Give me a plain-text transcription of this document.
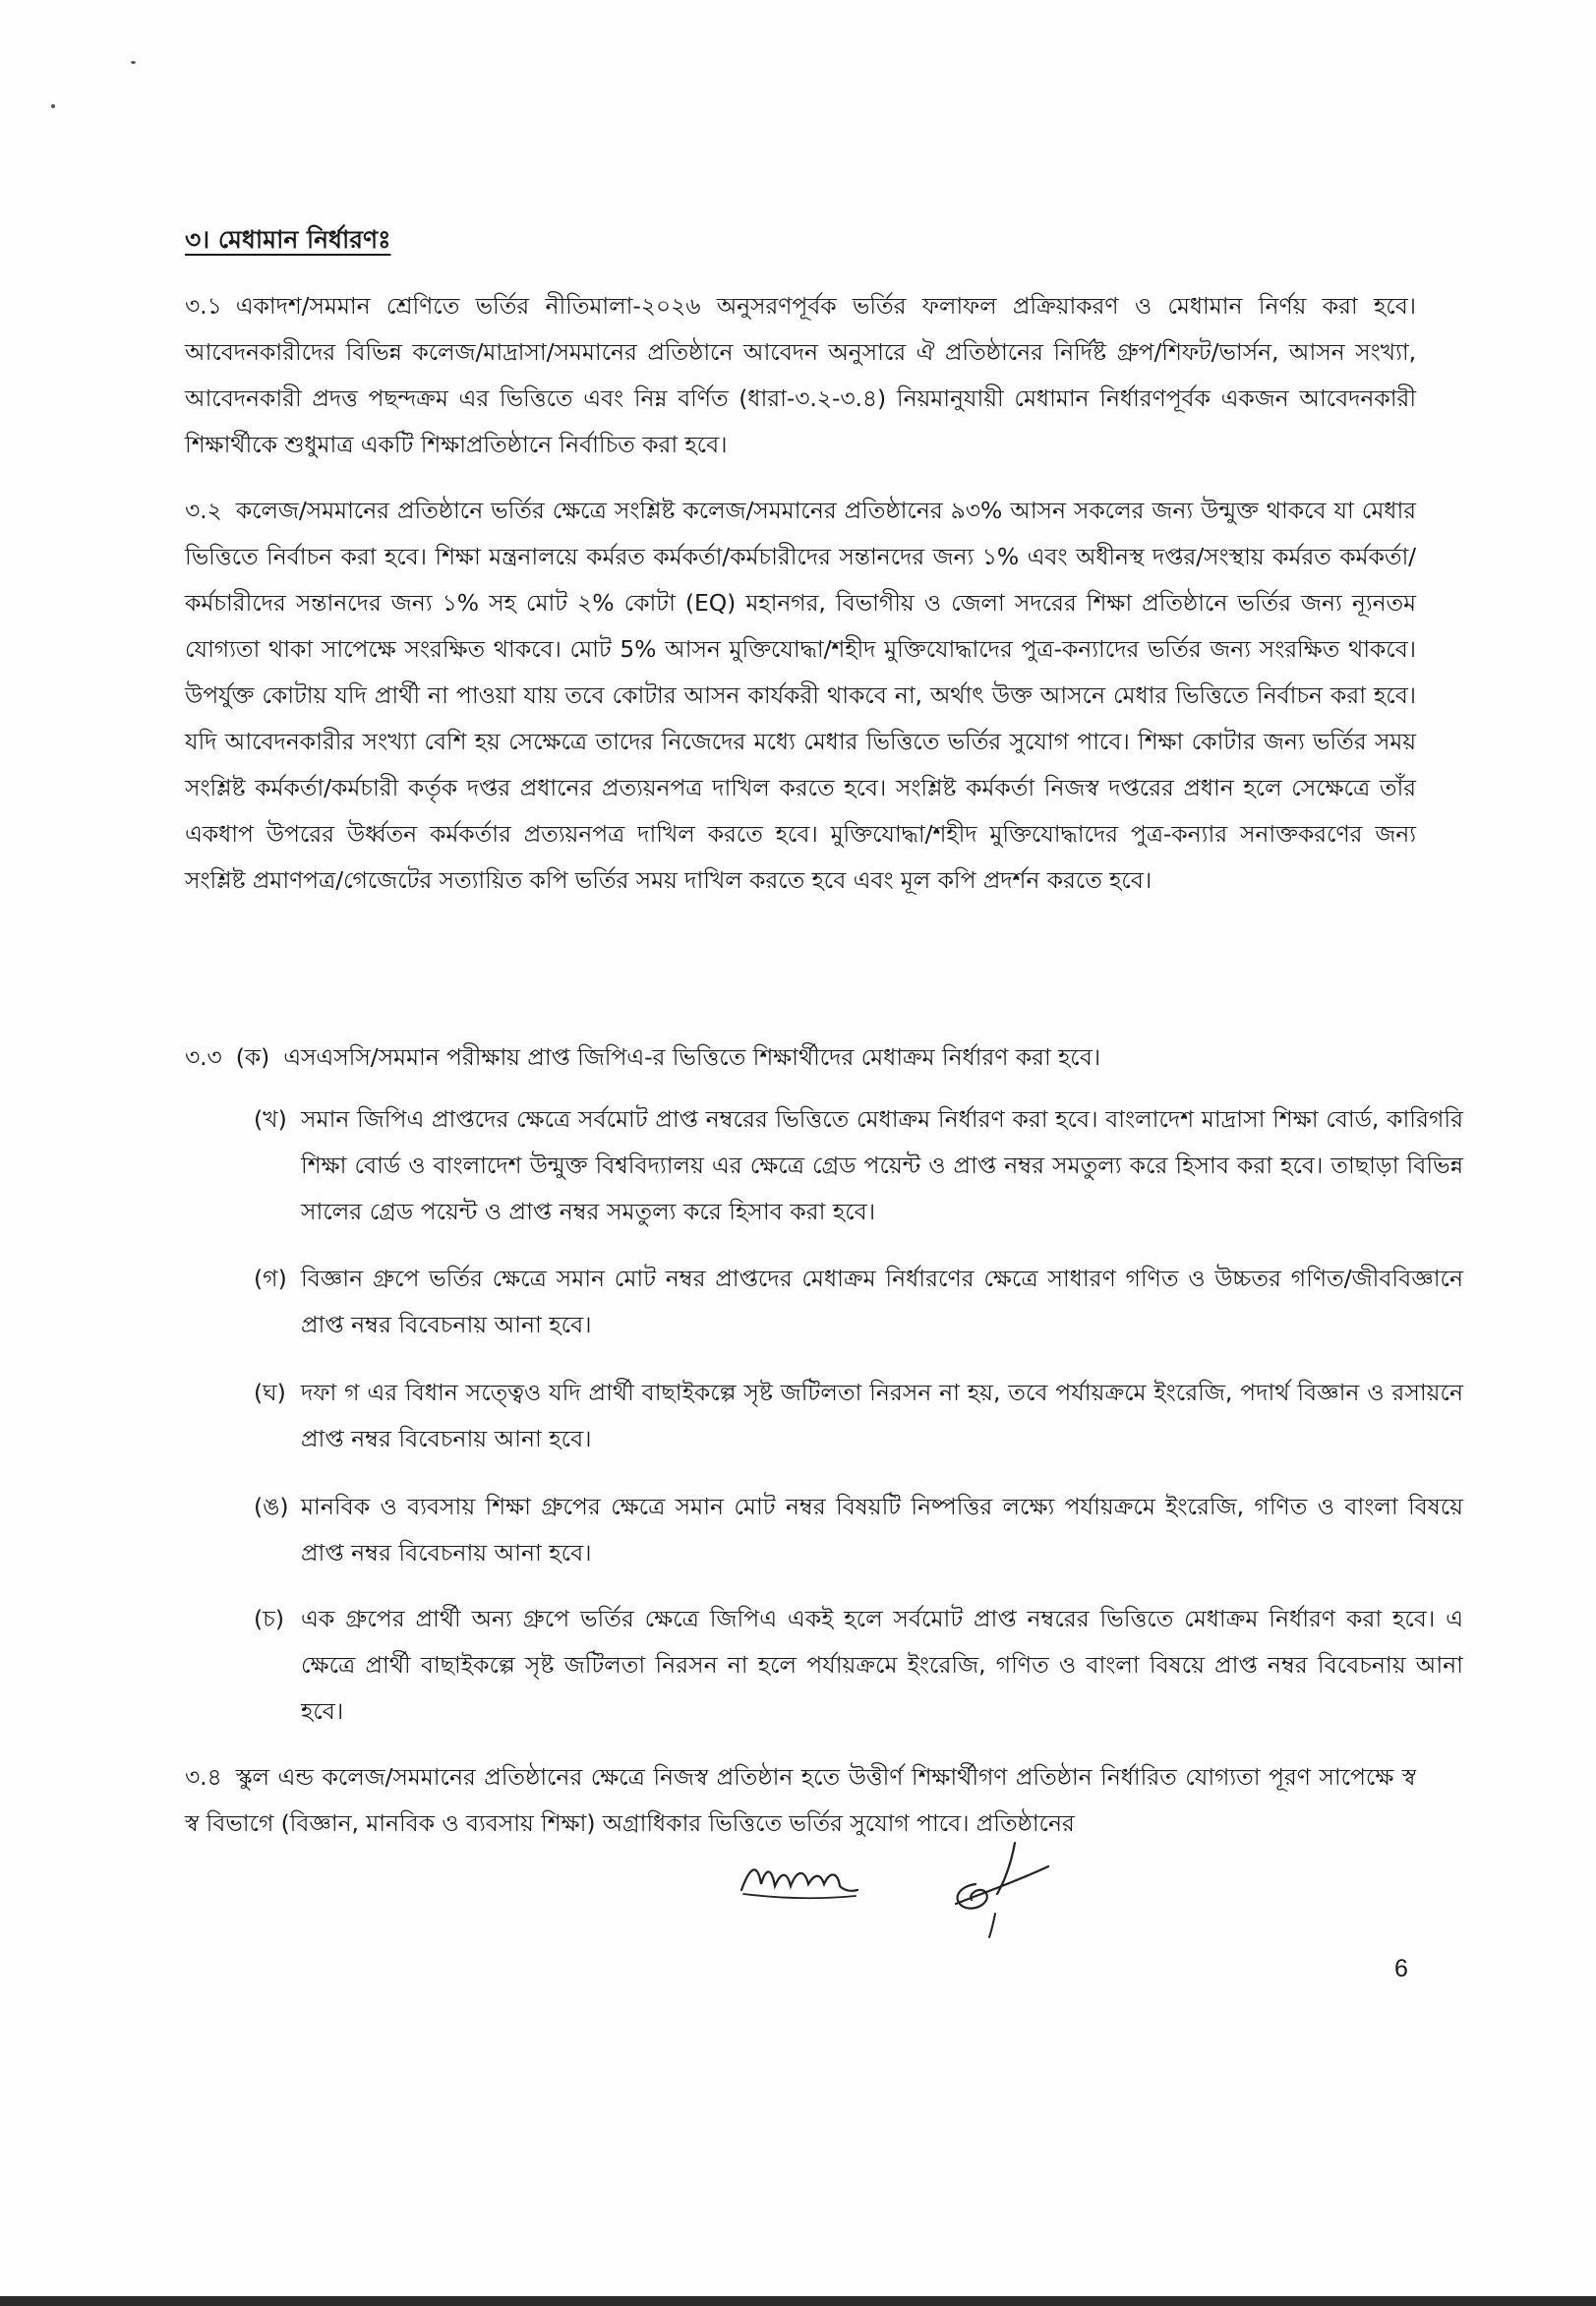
৩। মেধামান নির্ধারণঃ

৩.১ একাদশ/সমমান শ্রেণিতে ভর্তির নীতিমালা-২০২৬ অনুসরণপূর্বক ভর্তির ফলাফল প্রক্রিয়াকরণ ও মেধামান নির্ণয় করা হবে। আবেদনকারীদের বিভিন্ন কলেজ/মাদ্রাসা/সমমানের প্রতিষ্ঠানে আবেদন অনুসারে ঐ প্রতিষ্ঠানের নির্দিষ্ট গ্রুপ/শিফট/ভার্সন, আসন সংখ্যা, আবেদনকারী প্রদত্ত পছন্দক্রম এর ভিত্তিতে এবং নিম্ন বর্ণিত (ধারা-৩.২-৩.৪) নিয়মানুযায়ী মেধামান নির্ধারণপূর্বক একজন আবেদনকারী শিক্ষার্থীকে শুধুমাত্র একটি শিক্ষাপ্রতিষ্ঠানে নির্বাচিত করা হবে।

৩.২ কলেজ/সমমানের প্রতিষ্ঠানে ভর্তির ক্ষেত্রে সংশ্লিষ্ট কলেজ/সমমানের প্রতিষ্ঠানের ৯৩% আসন সকলের জন্য উন্মুক্ত থাকবে যা মেধার ভিত্তিতে নির্বাচন করা হবে। শিক্ষা মন্ত্রনালয়ে কর্মরত কর্মকর্তা/কর্মচারীদের সন্তানদের জন্য ১% এবং অধীনস্থ দপ্তর/সংস্থায় কর্মরত কর্মকর্তা/কর্মচারীদের সন্তানদের জন্য ১% সহ মোট ২% কোটা (EQ) মহানগর, বিভাগীয় ও জেলা সদরের শিক্ষা প্রতিষ্ঠানে ভর্তির জন্য ন্যূনতম যোগ্যতা থাকা সাপেক্ষে সংরক্ষিত থাকবে। মোট 5% আসন মুক্তিযোদ্ধা/শহীদ মুক্তিযোদ্ধাদের পুত্র-কন্যাদের ভর্তির জন্য সংরক্ষিত থাকবে। উপর্যুক্ত কোটায় যদি প্রার্থী না পাওয়া যায় তবে কোটার আসন কার্যকরী থাকবে না, অর্থাৎ উক্ত আসনে মেধার ভিত্তিতে নির্বাচন করা হবে। যদি আবেদনকারীর সংখ্যা বেশি হয় সেক্ষেত্রে তাদের নিজেদের মধ্যে মেধার ভিত্তিতে ভর্তির সুযোগ পাবে। শিক্ষা কোটার জন্য ভর্তির সময় সংশ্লিষ্ট কর্মকর্তা/কর্মচারী কর্তৃক দপ্তর প্রধানের প্রত্যয়নপত্র দাখিল করতে হবে। সংশ্লিষ্ট কর্মকর্তা নিজস্ব দপ্তরের প্রধান হলে সেক্ষেত্রে তাঁর একধাপ উপরের উর্ধ্বতন কর্মকর্তার প্রত্যয়নপত্র দাখিল করতে হবে। মুক্তিযোদ্ধা/শহীদ মুক্তিযোদ্ধাদের পুত্র-কন্যার সনাক্তকরণের জন্য সংশ্লিষ্ট প্রমাণপত্র/গেজেটের সত্যায়িত কপি ভর্তির সময় দাখিল করতে হবে এবং মূল কপি প্রদর্শন করতে হবে।

৩.৩ (ক) এসএসসি/সমমান পরীক্ষায় প্রাপ্ত জিপিএ-র ভিত্তিতে শিক্ষার্থীদের মেধাক্রম নির্ধারণ করা হবে।

(খ) সমান জিপিএ প্রাপ্তদের ক্ষেত্রে সর্বমোট প্রাপ্ত নম্বরের ভিত্তিতে মেধাক্রম নির্ধারণ করা হবে। বাংলাদেশ মাদ্রাসা শিক্ষা বোর্ড, কারিগরি শিক্ষা বোর্ড ও বাংলাদেশ উন্মুক্ত বিশ্ববিদ্যালয় এর ক্ষেত্রে গ্রেড পয়েন্ট ও প্রাপ্ত নম্বর সমতুল্য করে হিসাব করা হবে। তাছাড়া বিভিন্ন সালের গ্রেড পয়েন্ট ও প্রাপ্ত নম্বর সমতুল্য করে হিসাব করা হবে।

(গ) বিজ্ঞান গ্রুপে ভর্তির ক্ষেত্রে সমান মোট নম্বর প্রাপ্তদের মেধাক্রম নির্ধারণের ক্ষেত্রে সাধারণ গণিত ও উচ্চতর গণিত/জীববিজ্ঞানে প্রাপ্ত নম্বর বিবেচনায় আনা হবে।

(ঘ) দফা গ এর বিধান সত্ত্বেও যদি প্রার্থী বাছাইকল্পে সৃষ্ট জটিলতা নিরসন না হয়, তবে পর্যায়ক্রমে ইংরেজি, পদার্থ বিজ্ঞান ও রসায়নে প্রাপ্ত নম্বর বিবেচনায় আনা হবে।

(ঙ) মানবিক ও ব্যবসায় শিক্ষা গ্রুপের ক্ষেত্রে সমান মোট নম্বর বিষয়টি নিষ্পত্তির লক্ষ্যে পর্যায়ক্রমে ইংরেজি, গণিত ও বাংলা বিষয়ে প্রাপ্ত নম্বর বিবেচনায় আনা হবে।

(চ) এক গ্রুপের প্রার্থী অন্য গ্রুপে ভর্তির ক্ষেত্রে জিপিএ একই হলে সর্বমোট প্রাপ্ত নম্বরের ভিত্তিতে মেধাক্রম নির্ধারণ করা হবে। এ ক্ষেত্রে প্রার্থী বাছাইকল্পে সৃষ্ট জটিলতা নিরসন না হলে পর্যায়ক্রমে ইংরেজি, গণিত ও বাংলা বিষয়ে প্রাপ্ত নম্বর বিবেচনায় আনা হবে।

৩.৪ স্কুল এন্ড কলেজ/সমমানের প্রতিষ্ঠানের ক্ষেত্রে নিজস্ব প্রতিষ্ঠান হতে উত্তীর্ণ শিক্ষার্থীগণ প্রতিষ্ঠান নির্ধারিত যোগ্যতা পূরণ সাপেক্ষে স্ব স্ব বিভাগে (বিজ্ঞান, মানবিক ও ব্যবসায় শিক্ষা) অগ্রাধিকার ভিত্তিতে ভর্তির সুযোগ পাবে। প্রতিষ্ঠানের

6
